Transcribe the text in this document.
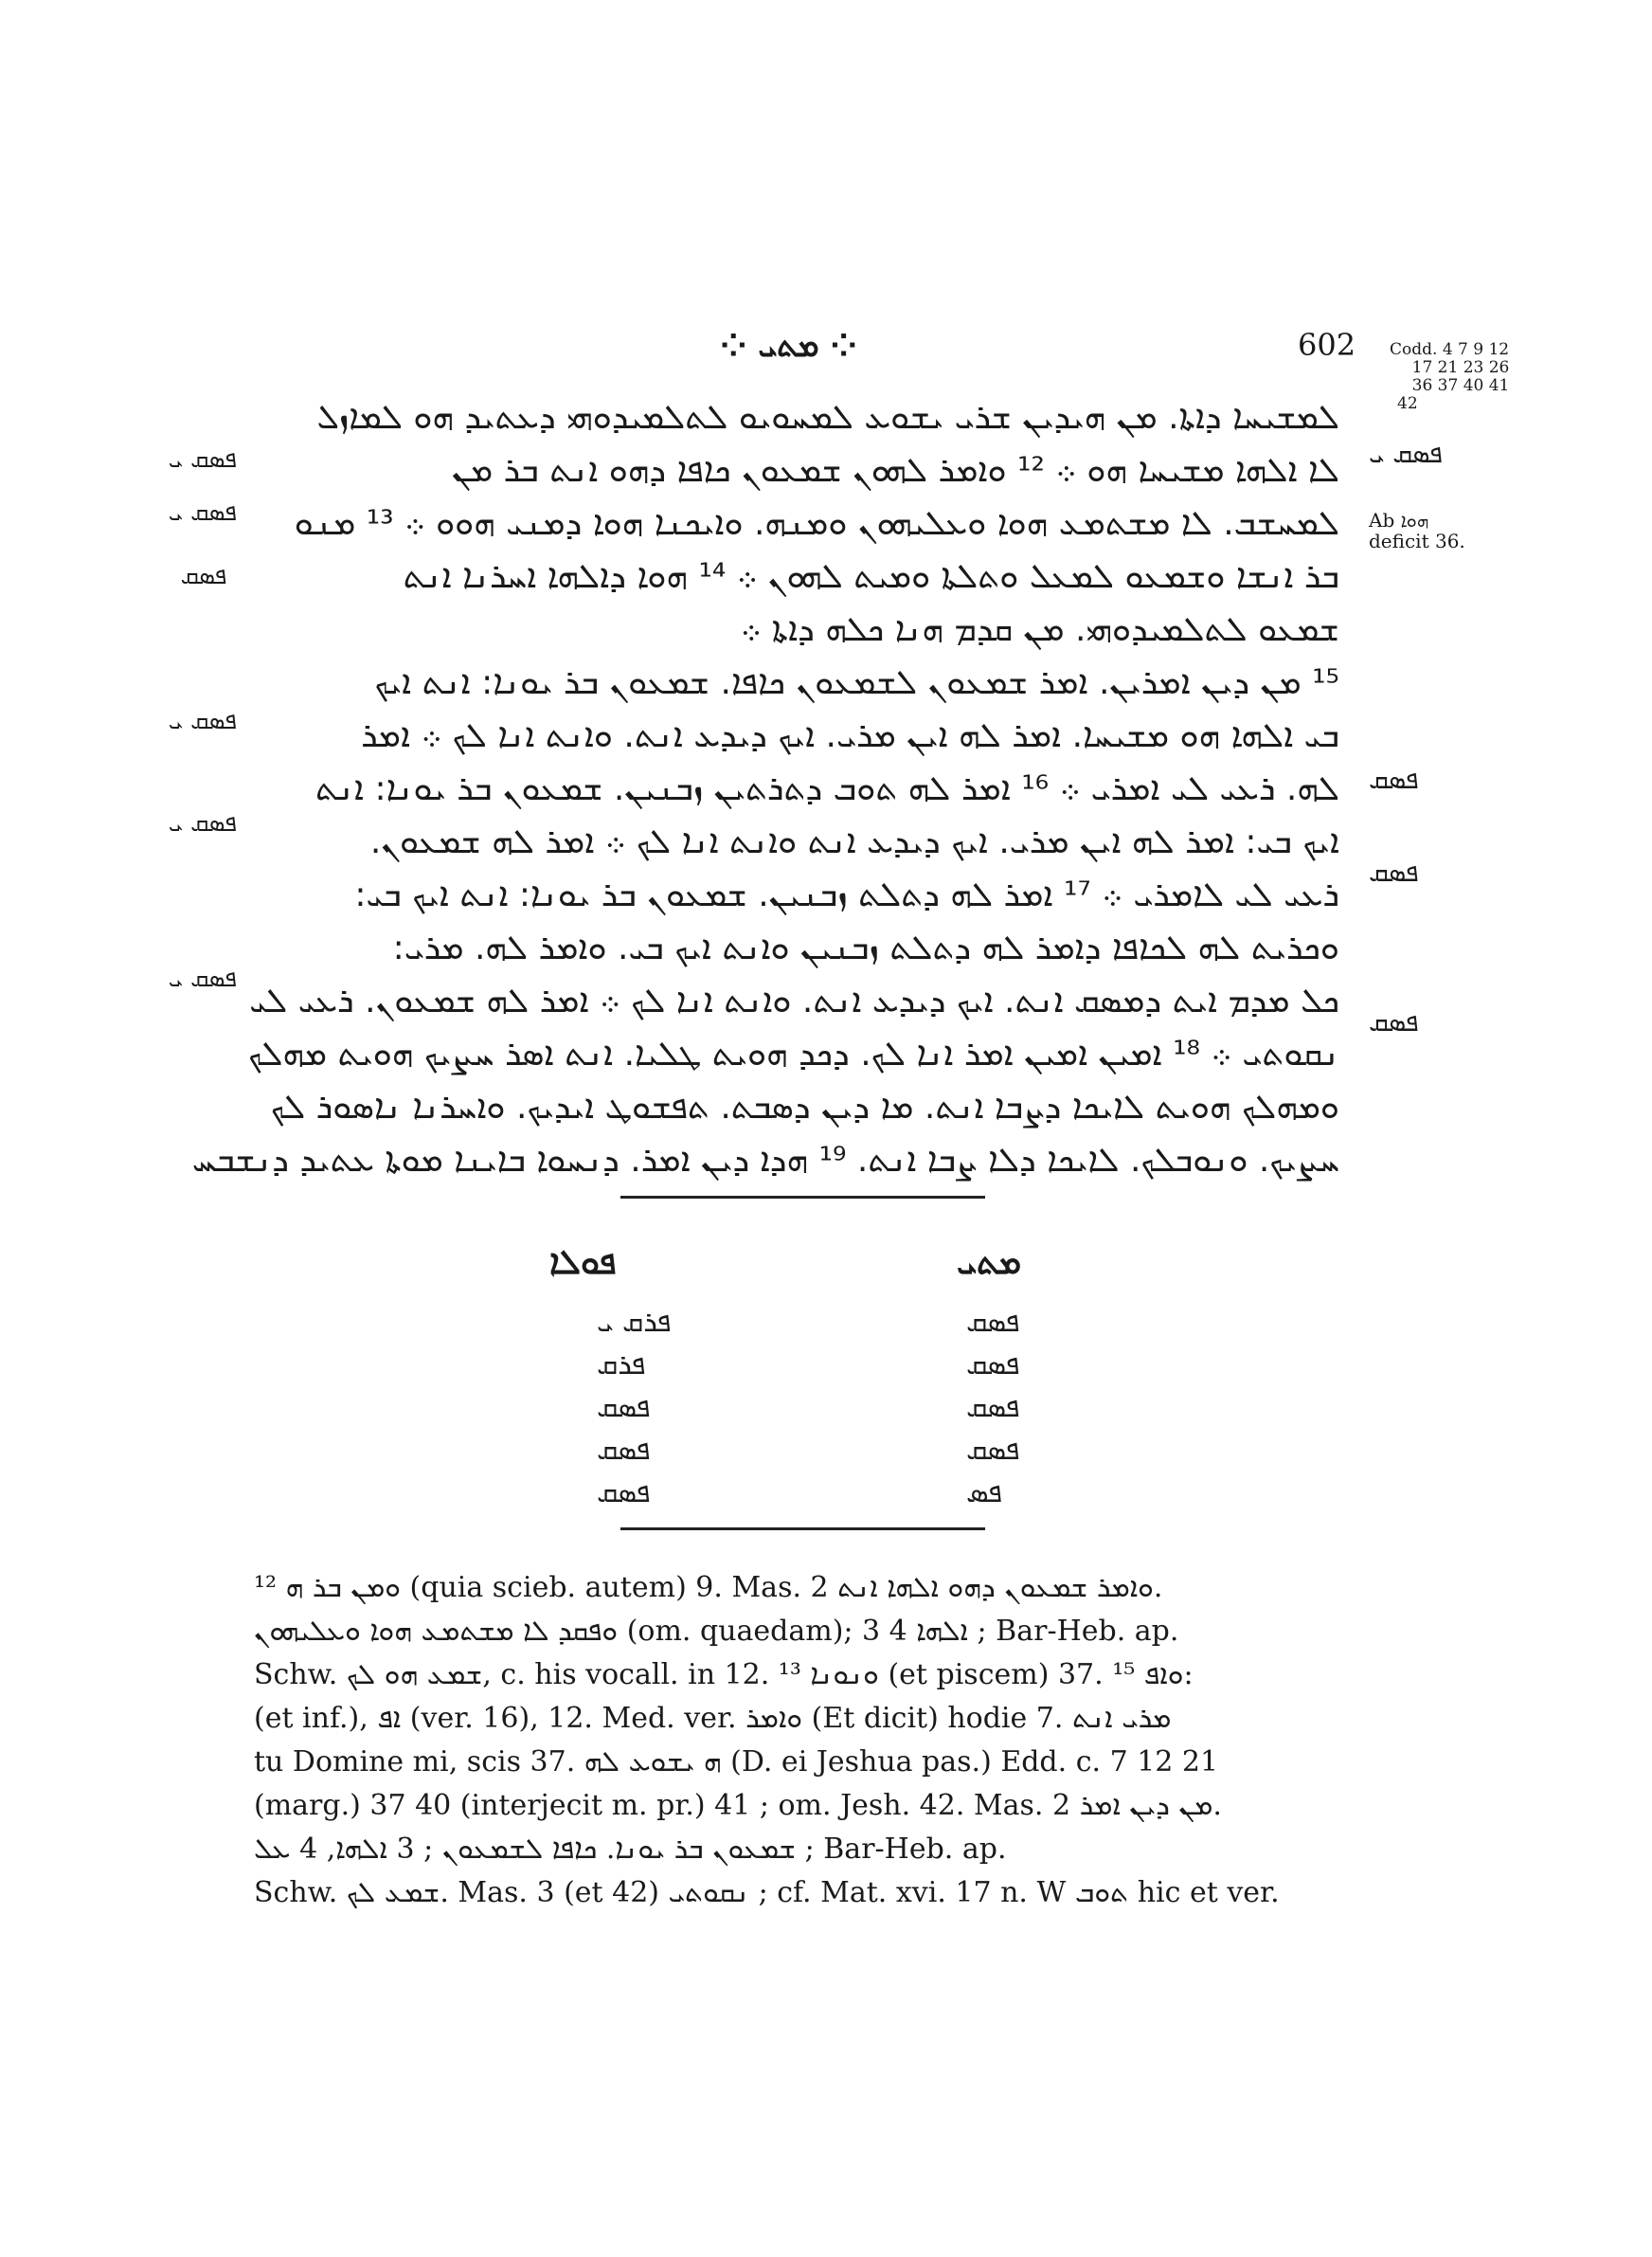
⁘ ܡܬܝ ⁘	602 Codd. 4 7 9 12
17 21 23 26
36 37 40 41
42
ܦܣܩ ܝ
ܦܣܩ ܝ
ܦܣܩ
ܦܣܩ ܝ
ܦܣܩ ܝ
ܦܣܩ ܝ
ܦܣܩ ܝ
ܦܣܩ
ܦܣܩ
ܦܣܩ
Ab ܗܘܐ
deficit 36.
ܠܡܫܝܚܐ ܕܐܬܐ. ܡܢ ܗܝܕܝܢ ܫܪܝ ܝܫܘܥ ܠܡܚܘܝܘ ܠܬܠܡܝܕܘܗܝ ܕܥܬܝܕ ܗܘ ܠܡܐܙܠ
ܠܐ ܐܠܗܐ ܡܫܝܚܐ ܗܘ ܀ ¹² ܘܐܡܪ ܠܗܘܢ ܫܡܥܘܢ ܟܐܦܐ ܕܗܘ ܐܢܬ ܒܪ ܡܢ
ܠܡܚܫܒ. ܠܐ ܡܫܬܡܥ ܗܘܐ ܘܥܠܝܗܘܢ ܘܡܢܗ. ܘܐܝܟܢܐ ܗܘܐ ܕܡܢܝ ܗܘܘ ܀ ¹³ ܡܢܘ
ܒܪ ܐܢܫܐ ܘܫܡܥܘ ܠܡܥܠ ܘܬܠܬܐ ܘܡܝܬ ܠܗܘܢ ܀ ¹⁴ ܗܘܐ ܕܐܠܗܐ ܐܚܪܢܐ ܐܢܬ
ܫܡܥܘ ܠܬܠܡܝܕܘܗܝ. ܡܢ ܩܕܡ ܗܢܐ ܟܠܗ ܕܐܬܐ ܀
¹⁵ ܡܢ ܕܝܢ ܐܡܪܝܢ. ܐܡܪ ܫܡܥܘܢ ܠܫܡܥܘܢ ܟܐܦܐ. ܫܡܥܘܢ ܒܪ ܝܘܢܐ: ܐܢܬ ܐܝܟ
ܒܝ ܐܠܗܐ ܗܘ ܡܫܝܚܐ. ܐܡܪ ܠܗ ܐܝܢ ܡܪܝ. ܐܝܟ ܕܝܕܥ ܐܢܬ. ܘܐܢܬ ܐܢܐ ܠܟ ܀ ܐܡܪ
ܠܗ. ܪܥܝ ܠܝ ܐܡܪܝ ܀ ¹⁶ ܐܡܪ ܠܗ ܬܘܒ ܕܬܪܬܝܢ ܙܒܢܝܢ. ܫܡܥܘܢ ܒܪ ܝܘܢܐ: ܐܢܬ
ܐܝܟ ܒܝ: ܐܡܪ ܠܗ ܐܝܢ ܡܪܝ. ܐܝܟ ܕܝܕܥ ܐܢܬ ܘܐܢܬ ܐܢܐ ܠܟ ܀ ܐܡܪ ܠܗ ܫܡܥܘܢ.
ܪܥܝ ܠܝ ܠܐܡܪܝ ܀ ¹⁷ ܐܡܪ ܠܗ ܕܬܠܬ ܙܒܢܝܢ. ܫܡܥܘܢ ܒܪ ܝܘܢܐ: ܐܢܬ ܐܝܟ ܒܝ:
ܘܟܪܝܬ ܠܗ ܠܟܐܦܐ ܕܐܡܪ ܠܗ ܕܬܠܬ ܙܒܢܝܢ ܘܐܢܬ ܐܝܟ ܒܝ. ܘܐܡܪ ܠܗ. ܡܪܝ:
ܟܠ ܡܕܡ ܐܝܬ ܕܡܣܩ ܐܢܬ. ܐܝܟ ܕܝܕܥ ܐܢܬ. ܘܐܢܬ ܐܢܐ ܠܟ ܀ ܐܡܪ ܠܗ ܫܡܥܘܢ. ܪܥܝ ܠܝ
ܢܩܘܬܝ ܀ ¹⁸ ܐܡܝܢ ܐܡܝܢ ܐܡܪ ܐܢܐ ܠܟ. ܕܟܕ ܗܘܝܬ ܛܠܝܐ. ܐܢܬ ܐܣܪ ܚܨܝܟ ܗܘܝܬ ܡܗܠܟ
ܘܡܗܠܟ ܗܘܝܬ ܠܐܝܟܐ ܕܨܒܐ ܐܢܬ. ܡܐ ܕܝܢ ܕܣܒܬ. ܬܦܫܘܛ ܐܝܕܝܟ. ܘܐܚܪܢܐ ܢܐܣܘܪ ܠܟ
ܚܨܝܟ. ܘܢܘܒܠܟ. ܠܐܝܟܐ ܕܠܐ ܨܒܐ ܐܢܬ. ¹⁹ ܗܕܐ ܕܝܢ ܐܡܪ. ܕܢܚܘܐ ܒܐܝܢܐ ܡܘܬܐ ܥܬܝܕ ܕܢܫܒܚ
ܦܘܠܐ	ܡܬܝ
ܦܪܩ ܝ	ܦܣܩ
ܦܪܩ	ܦܣܩ
ܦܣܩ	ܦܣܩ
ܦܣܩ	ܦܣܩ
ܦܣܩ	ܦܣ
¹² ܘܡܢ ܒܪ ܗ (quia scieb. autem) 9. Mas. 2 ܘܐܡܪ ܫܡܥܘܢ ܕܗܘ ܐܠܗܐ ܐܢܬ.
ܘܦܩܕ ܠܐ ܡܫܬܡܥ ܗܘܐ ܘܥܠܝܗܘܢ (om. quaedam); 3 4 ܐܠܗܐ ; Bar-Heb. ap.
Schw. ܫܡܥ ܗܘ ܠܟ, c. his vocall. in 12. ¹³ ܘܢܘܢܐ (et piscem) 37. ¹⁵ ܘܐܦ:
(et inf.), ܐܦ (ver. 16), 12. Med. ver. ܘܐܡܪ (Et dicit) hodie 7. ܡܪܝ ܐܢܬ
tu Domine mi, scis 37. ܗ ܝܫܘܥ ܠܗ (D. ei Jeshua pas.) Edd. c. 7 12 21
(marg.) 37 40 (interjecit m. pr.) 41 ; om. Jesh. 42. Mas. 2 ܡܢ ܕܝܢ ܐܡܪ.
ܫܡܥܘܢ ܒܪ ܝܘܢܐ. ܟܐܦܐ ܠܫܡܥܘܢ ; 3 ܐܠܗܐ, 4 ܥܠ ; Bar-Heb. ap.
Schw. ܫܡܥ ܠܟ. Mas. 3 (et 42) ܢܩܘܬܝ ; cf. Mat. xvi. 17 n. W ܬܘܒ hic et ver.
